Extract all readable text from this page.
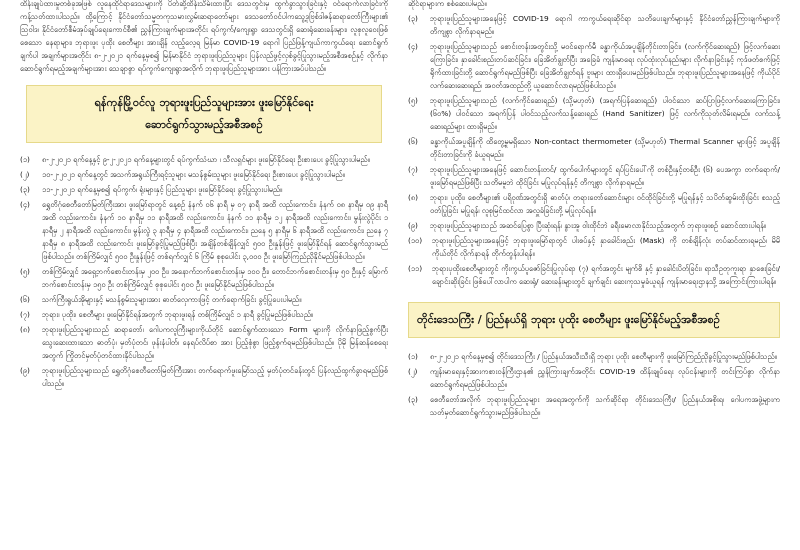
ထိန်းချုပ်ထားမှုတစ်ခုအဖြစ် လူနေထိုင်ရာဒေသများကို ပိတ်ဆို့ထိန်းသိမ်းထားပြီး ဒေသတွင်းမှ ထွက်ခွာသွားခြင်းနှင့် ဝင်ရောက်လာခြင်းကို ကန့်သတ်ထားပါသည်။ ထို့ကြောင့် နိုင်ငံတော်သမ္မတကုသမားလွှမ်းဆရာတော်များ ဒေသတော်ဝင်ပါကသွေ့ဒုဗြစ်ဒါဇန်ဆရာတော်ကြီးများ၏ ဩဝါဒ၊ နိုင်ငံတော်စီမံအုပ်ချုပ်ရေးကောင်စီ၏ ညွှန်ကြားချက်များအတိုင်း ရပ်ကွက်/ကျေးရွာ ဒေသတွင်းရှိ ဆေးရုံဆေးခန်းများ၊ လူစုလူဝေးဖြစ်စေသော နေရာများ၊ ဘုရားဖူး ပုထိုး စေတီများ အားချိန် လည့်လေ့ရ မြန်မာ COVID-19 ရောဂါ ပြည်ဖြန့်ကျယ်ကာကွယ်ရေး ဆောင်ရွက်ချက်ပါ အချက်များအတိုင်း ၈-၂-၂၀၂၁ ရက်နေ့မှစ၍ မြန်မာနိုင်ငံ ဘုရားဖူးပြည်သူများ ပြန်လည်ဖွင့်လှစ်ခွင့်ပြုသွားမည့်အစီအစဉ်နှင့် လိုက်နာဆောင်ရွက်ရမည့်အချက်များအား သေချာစွာ ရပ်ကွက်ကျေးရွာအလိုက် ဘုရားဖူးပြည်သူများအား ပန်ကြားအပ်ပါသည်။

ရန်ကုန်မြို့ဝင်လူ ဘုရားဖူးပြည်သူများအား ဖူးမြော်နိုင်ရေး
ဆောင်ရွက်သွားမည့်အစီအစဉ်
(၁)	၈-၂-၂၀၂၁ ရက်နေ့နှင့် ၉-၂-၂၀၂၁ ရက်နေ့များတွင် ရပ်ကွက်သံဃာ ၊ သီလရှင်များ ဖူးမြော်နိုင်ရေး ဦးစားပေး ခွင့်ပြုသွားပါမည်။
(၂)	၁၀-၂-၂၀၂၁ ရက်နေ့တွင် အသက်အရွယ်ကြီးရင့်သူများ မသန်စွမ်းသူများ ဖူးမြော်နိုင်ရေး ဦးစားပေး ခွင့်ပြုသွားပါမည်။
(၃)	၁၁-၂-၂၀၂၁ ရက်နေ့မှစ၍ ရပ်ကွက်၊ ရုံးများနှင့် ပြည်သူများ ဖူးမြော်နိုင်ရေး ခွင့်ပြုသွားပါမည်။
(၄)	ရွှေတိဂုံစေတီတော်မြတ်ကြီးအား ဖူးမြော်ရာတွင် နေ့စဉ် နံနက် ၀၆ နာရီ မှ ၀၇ နာရီ အထိ လည်းကောင်း၊ နံနက် ၀၈ နာရီမှ ၀၉ နာရီအထိ လည်းကောင်း၊ နံနက် ၁၀ နာရီမှ ၁၁ နာရီအထိ လည်းကောင်း၊ နံနက် ၁၁ နာရီမှ ၁၂ နာရီအထိ လည်းကောင်း၊ မွန်းလွဲပိုင်း ၁ နာရီမှ ၂ နာရီအထိ လည်းကောင်း၊ မွန်းလွဲ ၃ နာရီမှ ၄ နာရီအထိ လည်းကောင်း၊ ညနေ ၅ နာရီမှ ၆ နာရီအထိ လည်းကောင်း၊ ညနေ ၇ နာရီမှ ၈ နာရီအထိ လည်းကောင်း ဖူးမြော်ခွင့်ပြုမည်ဖြစ်ပြီး အချိန်တစ်ချိန်လျှင် ၅၀၀ ဦးနှုန်းဖြင့် ဖူးမြော်နိုင်ရန် ဆောင်ရွက်သွားမည်ဖြစ်ပါသည်။ တစ်ကြိမ်လျှင် ၅၀၀ ဦးနှုန်းဖြင့် တစ်ရက်လျှင် ၆ ကြိမ် စုစုပေါင်း ၃,၀၀၀ ဦး ဖူးမြော်ကြည်ညိုနိုင်မည်ဖြစ်ပါသည်။
(၅)	တစ်ကြိမ်လျှင် အရှေ့ဘက်စောင်းတန်းမှ ၂၀၀ ဦး၊ အနောက်ဘက်စောင်းတန်းမှ ၁၀၀ ဦး၊ တောင်ဘက်စောင်းတန်းမှ ၅၀ ဦးနှင့် မြောက်ဘက်စောင်းတန်းမှ ၁၅၀ ဦး တစ်ကြိမ်လျှင် စုစုပေါင်း ၅၀၀ ဦး ဖူးမြော်နိုင်မည်ဖြစ်ပါသည်။
(၆)	သက်ကြီးရွယ်အိုများနှင့် မသန်စွမ်းသူများအား ဓာတ်လှေကားဖြင့် တက်ရောက်ခြင်း ခွင့်ပြုပေးပါမည်။
(၇)	ဘုရား၊ ပုထိုး၊ စေတီများ ဖူးမြော်နိုင်ရန်အတွက် ဘုရားဖူးရန် တစ်ကြိမ်လျှင် ၁ နာရီ ခွင့်ပြုမည်ဖြစ်ပါသည်။
(၈)	ဘုရားဖူးပြည်သူများသည် ဆရာတော်၊ ဂေါပကလူကြီးများကိုယ်တိုင် ဆောင်ရွက်ထားသော Form များကို လိုက်နာဖြည့်စွက်ပြီး သွေးဆေးထားသော ဓာတ်ပုံ၊ မှတ်ပုံတင်၊ ဖုန်းနံပါတ်၊ နေရပ်လိပ်စာ အား ပြည့်စုံစွာ ဖြည့်စွက်ရမည်ဖြစ်ပါသည်။ ပိုမို မြန်ဆန်စေရေးအတွက် ကြိုတင်မှတ်ပုံတင်ထားနိုင်ပါသည်။
(၉)	ဘုရားဖူးပြည်သူများသည် ရွှေတိဂုံစေတီတော်မြတ်ကြီးအား တက်ရောက်ဖူးမြော်သည့် မှတ်ပုံတင်ခန်းတွင် ပြန်လည်ထွက်ခွာရမည်ဖြစ်ပါသည်။

ဆိုင်ရာများက စစ်ဆေးပါမည်။

(၃)	ဘုရားဖူးပြည်သူများအနေဖြင့် COVID-19 ရောဂါ ကာကွယ်ရေးဆိုင်ရာ သတိပေးချက်များနှင့် နိုင်ငံတော်ညွှန်ကြားချက်များကို တိကျစွာ လိုက်နာရမည်။
(၄)	ဘုရားဖူးပြည်သူများသည် စောင်းတန်းအတွင်းသို့ မဝင်ရောက်မီ ခန္ဓာကိုယ်အပူချိန်တိုင်းတာခြင်း၊ (လက်ကိုင်ဆေးရည်) ဖြင့်လက်ဆေးကြောခြင်း၊ နှာခေါင်းစည်းတပ်ဆင်ခြင်း၊ ခြေအိတ်ချွတ်ပြီး အခြေခံ ကျန်းမာရေး လုပ်ထုံးလုပ်နည်းများ လိုက်နာခြင်းနှင့် ကုဒ်ဖတ်စက်ဖြင့် ရိုက်ထားခြင်းတို့ ဆောင်ရွက်ရမည်ဖြစ်ပြီး ခြေအိတ်ချွတ်ရန် ဗူးများ ထားရှိပေးမည်ဖြစ်ပါသည်။ ဘုရားဖူးပြည်သူများအနေဖြင့် ကိုယ်ပိုင်လက်ဆေးဆေးရည်၊ အဝတ်အထည်တို့ ယူဆောင်လာရမည်ဖြစ်ပါသည်။
(၅)	ဘုရားဖူးပြည်သူများသည် (လက်ကိုင်ဆေးရည်) (သို့မဟုတ်) (အရက်ပြန်ဆေးရည်) ပါဝင်သော ဆပ်ပြာဖြင့်လက်ဆေးကြောခြင်း၊ (၆၀%) ပါဝင်သော အရက်ပြန် ပါဝင်သည့်လက်သန့်ဆေးရည် (Hand Sanitizer) ဖြင့် လက်ကိုသုတ်လိမ်းရမည်။ လက်သန့်ဆေးရည်များ ထားရှိမည်။
(၆)	ခန္ဓာကိုယ်အပူချိန်ကို ထိတွေ့မှုမရှိသော Non-contact thermometer (သို့မဟုတ်) Thermal Scanner များဖြင့် အပူချိန်တိုင်းတာခြင်းကို ခံယူရမည်။
(၇)	ဘုရားဖူးပြည်သူများအနေဖြင့် ဆောင်းတန်းတင်/ ထွက်ပေါက်များတွင် ရပ်ပြင်းပေါ်ကို တစ်ဦးနှင့်တစ်ဦး (၆) ပေအကွာ တက်ရောက်/ ဖူးမြော်ရမည်ဖြစ်ပြီး သတိမမူဘဲ ထိုင်ခြင်း မပြုလုပ်ရန်နှင့် တိကျစွာ လိုက်နာရမည်။
(၈)	ဘုရား၊ ပုထိုး၊ စေတီများ၏ ပရိဝုဏ်အတွင်းရှိ ဓာတ်ပုံ၊ တရားတော်ဆောင်းများ ဝင်ထိုင်ခြင်းတို့ မပြုရန်နှင့် သပိတ်ဆွမ်းထိုးခြင်း စသည့်ဝတ်ပြုခြင်း မပြုရန်၊ လူစုမြင်ထင်လာ အလှူခံခြင်းတို့ မပြုလုပ်ရန်။
(၉)	ဘုရားဖူးပြည်သူများသည် အဆင်ပြေစွာ ပြီးဆုံးရန်၊ နွားအူ ဝါးထိုင်ဘဲ ခရီးမောလာနိုင်သည့်အတွက် ဘုရားဖူးစဉ် ဆောင်ထားပါရန်။
(၁၀)	ဘုရားဖူးပြည်သူများအနေဖြင့် ဘုရားဖူးမြော်ရာတွင် ပါးစပ်နှင့် နှာခေါင်းစည်း (Mask) ကို တစ်ချိန်လုံး တပ်ဆင်ထားရမည်၊ မိမိကိုယ်တိုင် လိုက်နာရန် တိုက်တွန်းပါရန်။
(၁၁)	ဘုရားပုထိုးစေတီများတွင် ကိုးကွယ်ပူဇော်ခြင်းပြုလုပ်ရာ (၇) ရက်အတွင်း မျက်စိ နှင့် နှာခေါင်းပိတ်ခြင်း၊ ရာသီဥတုကူးရာ နှာစေးခြင်း/ ချောင်းဆိုးခြင်း ဖြစ်ပေါ်လာပါက ဆေးရုံ/ ဆေးခန်းများတွင် ချက်ချင်း ဆေးကုသမှုခံယူရန် ကျန်းမာရေးဌာနသို့ အကြောင်းကြားပါရန်။
တိုင်းဒေသကြီး / ပြည်နယ်ရှိ ဘုရား ပုထိုး စေတီများ ဖူးမြော်နိုင်မည့်အစီအစဉ်
(၁)	၈-၂-၂၀၂၁ ရက်နေ့မှစ၍ တိုင်းဒေသကြီး / ပြည်နယ်အသီးသီးရှိ ဘုရား ပုထိုး စေတီများကို ဖူးမြော်ကြည်ညိုခွင့်ပြုသွားမည်ဖြစ်ပါသည်။
(၂)	ကျန်းမာရေးနှင့်အားကစားဝန်ကြီးဌာန၏ ညွှန်ကြားချက်အတိုင်း COVID-19 ထိန်းချုပ်ရေး လုပ်ငန်းများကို တင်းကြပ်စွာ လိုက်နာဆောင်ရွက်ရမည်ဖြစ်ပါသည်။
(၃)	စေတီတော်အလိုက် ဘုရားဖူးပြည်သူများ အရေအတွက်ကို သက်ဆိုင်ရာ တိုင်းဒေသကြီး/ ပြည်နယ်အစိုးရ၊ ဂေါပကအဖွဲ့များက သတ်မှတ်ဆောင်ရွက်သွားမည်ဖြစ်ပါသည်။
